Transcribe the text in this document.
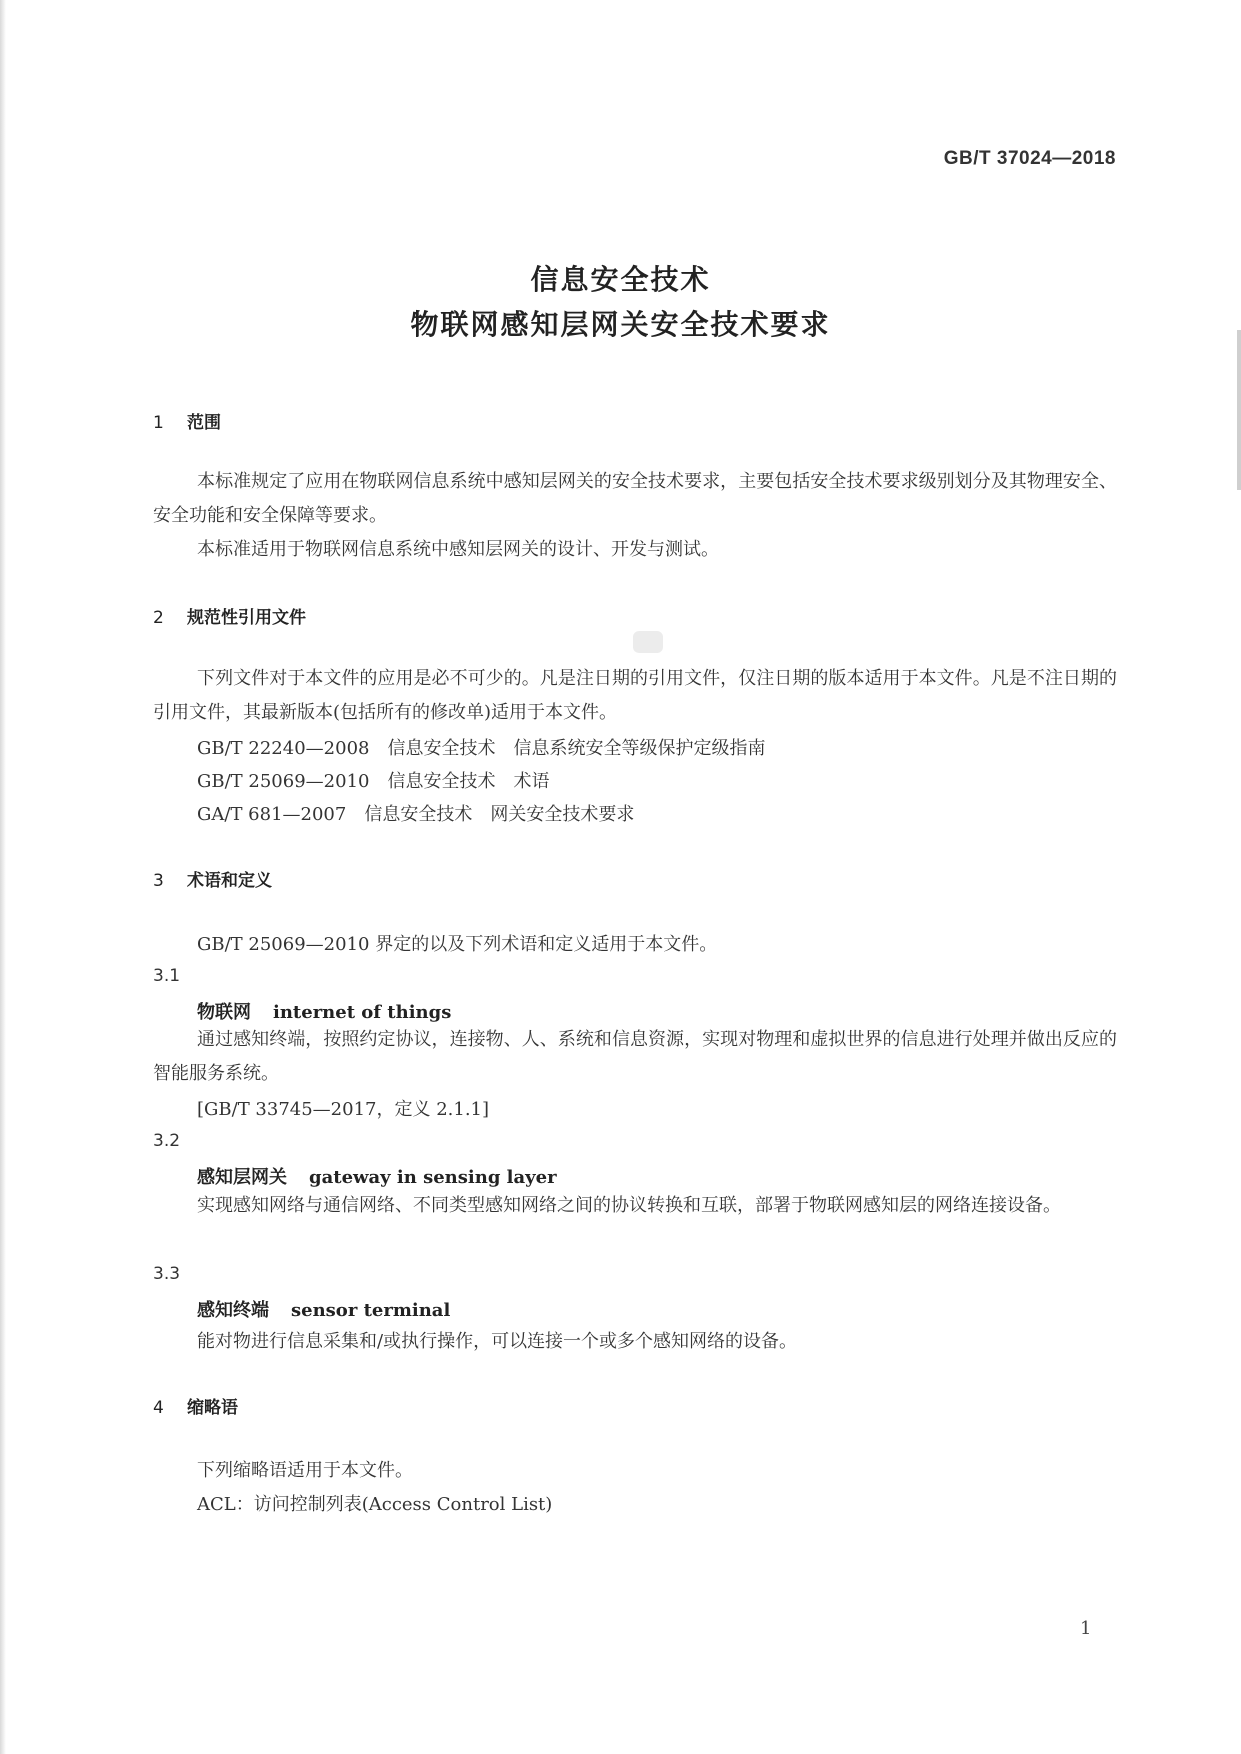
GB/T 37024—2018
信息安全技术
物联网感知层网关安全技术要求
1 范围
本标准规定了应用在物联网信息系统中感知层网关的安全技术要求，主要包括安全技术要求级别划分及其物理安全、安全功能和安全保障等要求。
本标准适用于物联网信息系统中感知层网关的设计、开发与测试。
2 规范性引用文件
下列文件对于本文件的应用是必不可少的。凡是注日期的引用文件，仅注日期的版本适用于本文件。凡是不注日期的引用文件，其最新版本(包括所有的修改单)适用于本文件。
GB/T 22240—2008　信息安全技术　信息系统安全等级保护定级指南
GB/T 25069—2010　信息安全技术　术语
GA/T 681—2007　信息安全技术　网关安全技术要求
3 术语和定义
GB/T 25069—2010 界定的以及下列术语和定义适用于本文件。
3.1
物联网 internet of things
通过感知终端，按照约定协议，连接物、人、系统和信息资源，实现对物理和虚拟世界的信息进行处理并做出反应的智能服务系统。
[GB/T 33745—2017，定义 2.1.1]
3.2
感知层网关 gateway in sensing layer
实现感知网络与通信网络、不同类型感知网络之间的协议转换和互联，部署于物联网感知层的网络连接设备。
3.3
感知终端 sensor terminal
能对物进行信息采集和/或执行操作，可以连接一个或多个感知网络的设备。
4 缩略语
下列缩略语适用于本文件。
ACL：访问控制列表(Access Control List)
1
